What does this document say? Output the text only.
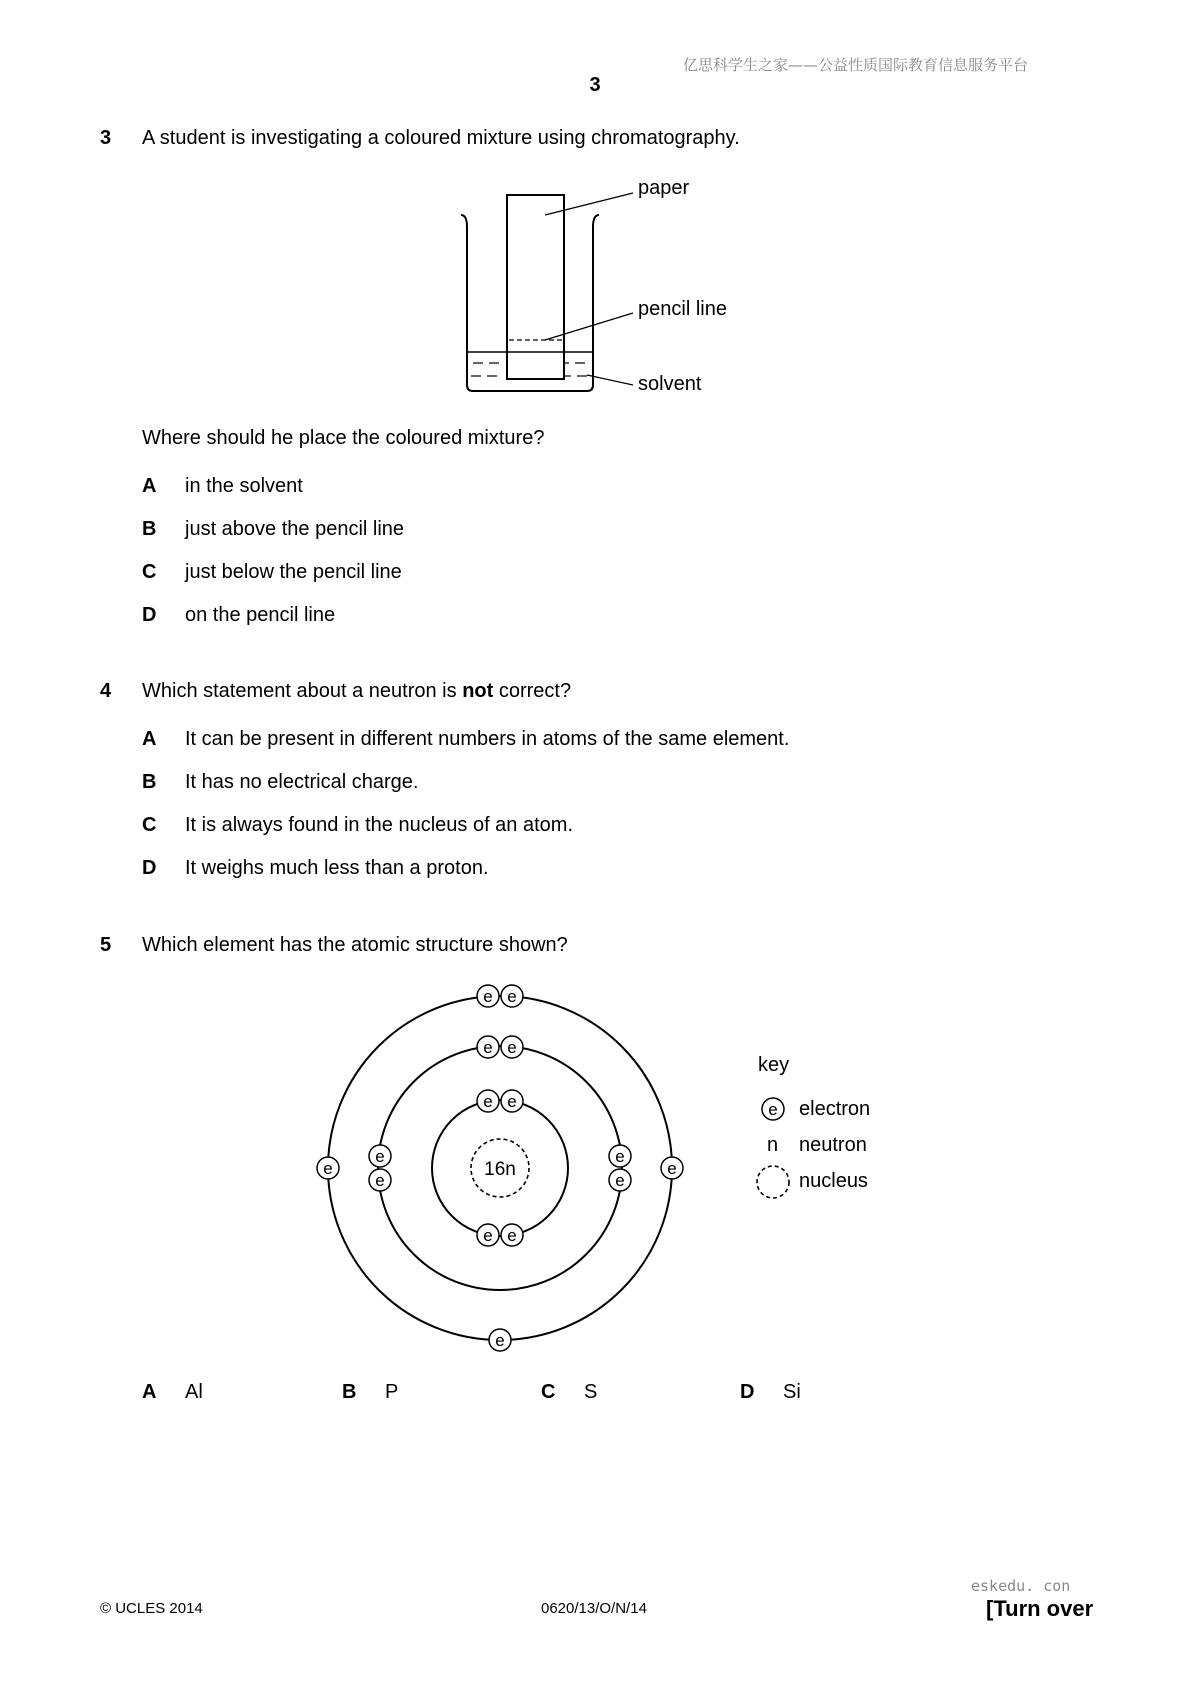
亿思科学生之家——公益性质国际教育信息服务平台
3
3 A student is investigating a coloured mixture using chromatography.
paper
pencil line
solvent
Where should he place the coloured mixture?
A in the solvent
B just above the pencil line
C just below the pencil line
D on the pencil line
4 Which statement about a neutron is not correct?
A It can be present in different numbers in atoms of the same element.
B It has no electrical charge.
C It is always found in the nucleus of an atom.
D It weighs much less than a proton.
5 Which element has the atomic structure shown?
16n
e e
e e
e e
e
e
e
e
e e
e	e
e
e
key
electron
n neutron
nucleus
A Al	B P	C S	D Si
eskedu. con
© UCLES 2014	0620/13/O/N/14	[Turn over
